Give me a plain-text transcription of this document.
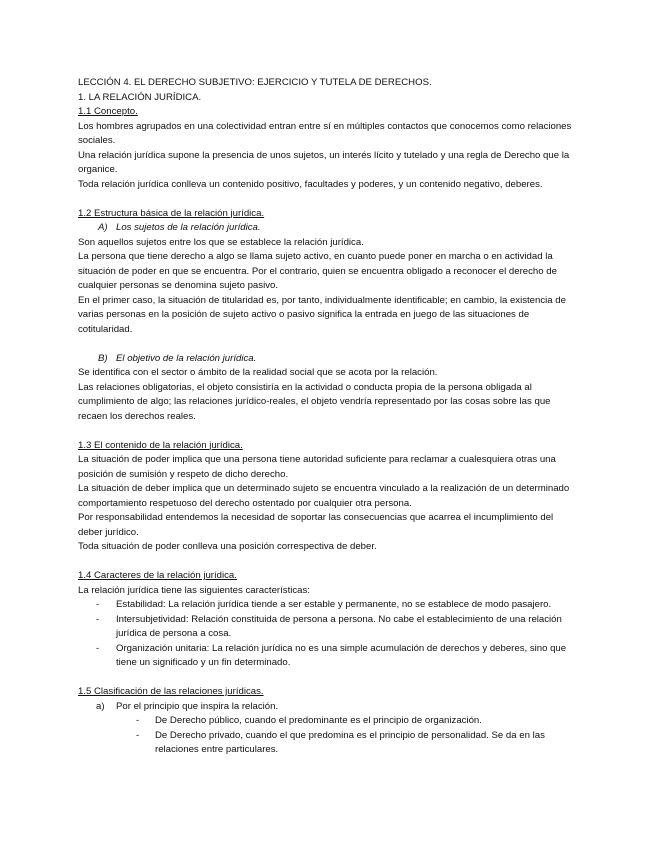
LECCIÓN 4. EL DERECHO SUBJETIVO: EJERCICIO Y TUTELA DE DERECHOS.
1. LA RELACIÓN JURÍDICA.
1.1 Concepto.
Los hombres agrupados en una colectividad entran entre sí en múltiples contactos que conocemos como relaciones sociales.
Una relación jurídica supone la presencia de unos sujetos, un interés lícito y tutelado y una regla de Derecho que la organice.
Toda relación jurídica conlleva un contenido positivo, facultades y poderes, y un contenido negativo, deberes.
1.2 Estructura básica de la relación jurídica.
A) Los sujetos de la relación jurídica.
Son aquellos sujetos entre los que se establece la relación jurídica.
La persona que tiene derecho a algo se llama sujeto activo, en cuanto puede poner en marcha o en actividad la situación de poder en que se encuentra. Por el contrario, quien se encuentra obligado a reconocer el derecho de cualquier personas se denomina sujeto pasivo.
En el primer caso, la situación de titularidad es, por tanto, individualmente identificable; en cambio, la existencia de varias personas en la posición de sujeto activo o pasivo significa la entrada en juego de las situaciones de cotitularidad.
B) El objetivo de la relación jurídica.
Se identifica con el sector o ámbito de la realidad social que se acota por la relación.
Las relaciones obligatorias, el objeto consistiría en la actividad o conducta propia de la persona obligada al cumplimiento de algo; las relaciones jurídico-reales, el objeto vendría representado por las cosas sobre las que recaen los derechos reales.
1.3 El contenido de la relación jurídica.
La situación de poder implica que una persona tiene autoridad suficiente para reclamar a cualesquiera otras una posición de sumisión y respeto de dicho derecho.
La situación de deber implica que un determinado sujeto se encuentra vinculado a la realización de un determinado comportamiento respetuoso del derecho ostentado por cualquier otra persona.
Por responsabilidad entendemos la necesidad de soportar las consecuencias que acarrea el incumplimiento del deber jurídico.
Toda situación de poder conlleva una posición correspectiva de deber.
1.4 Caracteres de la relación jurídica.
La relación jurídica tiene las siguientes características:
-	Estabilidad: La relación jurídica tiende a ser estable y permanente, no se establece de modo pasajero.
-	Intersubjetividad: Relación constituida de persona a persona. No cabe el establecimiento de una relación jurídica de persona a cosa.
-	Organización unitaria: La relación jurídica no es una simple acumulación de derechos y deberes, sino que tiene un significado y un fin determinado.
1.5 Clasificación de las relaciones jurídicas.
a)	Por el principio que inspira la relación.
-	De Derecho público, cuando el predominante es el principio de organización.
-	De Derecho privado, cuando el que predomina es el principio de personalidad. Se da en las relaciones entre particulares.
